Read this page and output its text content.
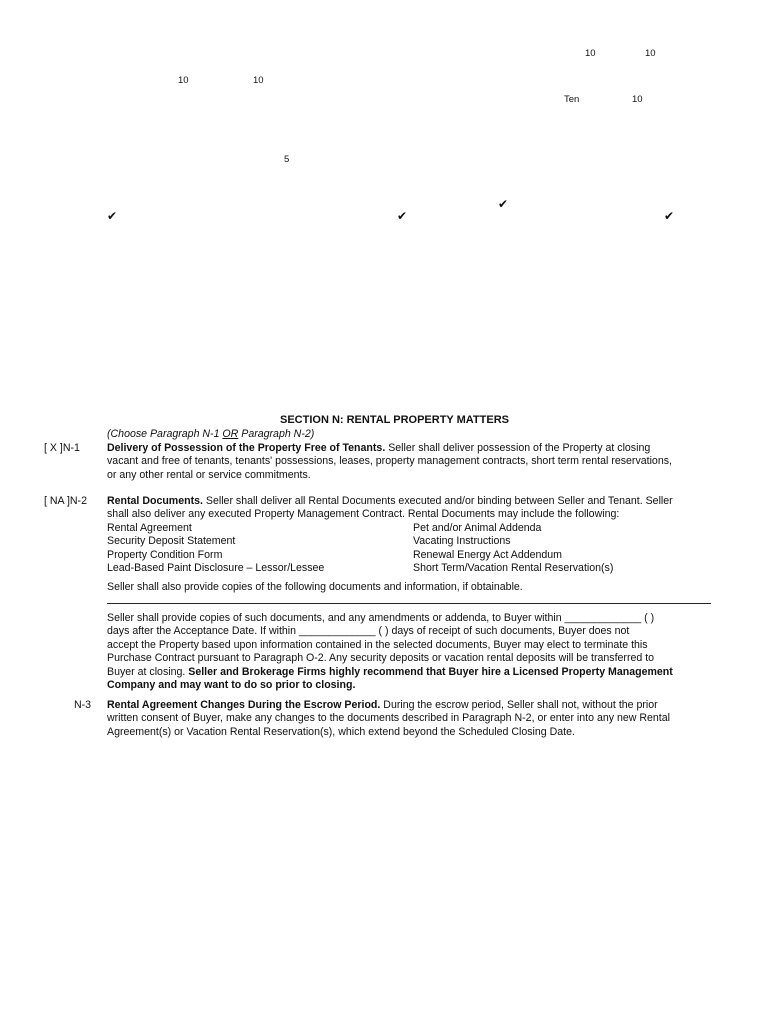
10	10
10	10
Ten	10
5
✔
✔	✔	✔
SECTION N: RENTAL PROPERTY MATTERS
(Choose Paragraph N-1 OR Paragraph N-2)
[ X ]N-1	Delivery of Possession of the Property Free of Tenants. Seller shall deliver possession of the Property at closing

vacant and free of tenants, tenants' possessions, leases, property management contracts, short term rental reservations,

or any other rental or service commitments.

[ NA ]N-2 Rental Documents. Seller shall deliver all Rental Documents executed and/or binding between Seller and Tenant. Seller

shall also deliver any executed Property Management Contract. Rental Documents may include the following:

Rental Agreement	Pet and/or Animal Addenda
Security Deposit Statement	Vacating Instructions
Property Condition Form	Renewal Energy Act Addendum
Lead-Based Paint Disclosure – Lessor/Lessee	Short Term/Vacation Rental Reservation(s)
Seller shall also provide copies of the following documents and information, if obtainable.

Seller shall provide copies of such documents, and any amendments or addenda, to Buyer within _____________ ( )

days after the Acceptance Date. If within _____________ ( ) days of receipt of such documents, Buyer does not

accept the Property based upon information contained in the selected documents, Buyer may elect to terminate this

Purchase Contract pursuant to Paragraph O-2. Any security deposits or vacation rental deposits will be transferred to

Buyer at closing. Seller and Brokerage Firms highly recommend that Buyer hire a Licensed Property Management

Company and may want to do so prior to closing.

N-3 Rental Agreement Changes During the Escrow Period. During the escrow period, Seller shall not, without the prior

written consent of Buyer, make any changes to the documents described in Paragraph N-2, or enter into any new Rental

Agreement(s) or Vacation Rental Reservation(s), which extend beyond the Scheduled Closing Date.
